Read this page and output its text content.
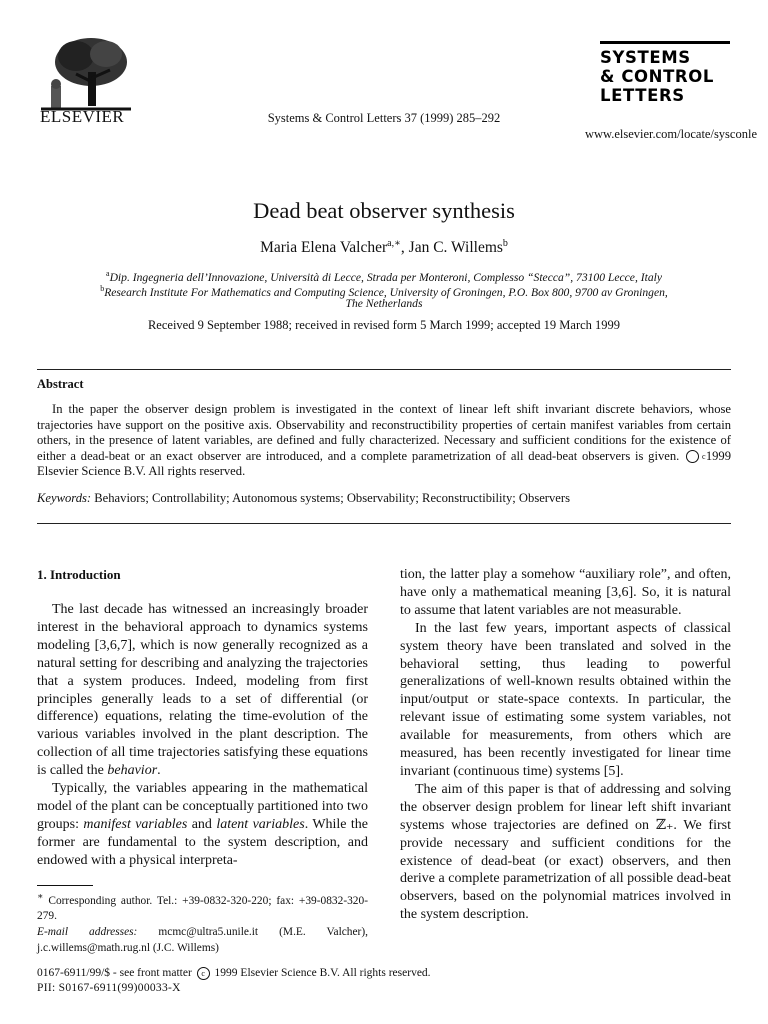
ELSEVIER	Systems & Control Letters 37 (1999) 285–292
SYSTEMS
& CONTROL
LETTERS
www.elsevier.com/locate/sysconle
Dead beat observer synthesis
Maria Elena Valcher$^{a,∗}$, Jan C. Willems$^b$
$^a$Dip. Ingegneria dell’Innovazione, Università di Lecce, Strada per Monteroni, Complesso “Stecca”, 73100 Lecce, Italy
$^b$Research Institute For Mathematics and Computing Science, University of Groningen, P.O. Box 800, 9700 av Groningen,
The Netherlands
Received 9 September 1988; received in revised form 5 March 1999; accepted 19 March 1999
Abstract
In the paper the observer design problem is investigated in the context of linear left shift invariant discrete behaviors, whose trajectories have support on the positive axis. Observability and reconstructibility properties of certain manifest variables from certain others, in the presence of latent variables, are defined and fully characterized. Necessary and sufficient conditions for the existence of either a dead-beat or an exact observer are introduced, and a complete parametrization of all dead-beat observers is given.	c 1999 Elsevier Science B.V. All rights reserved.
Keywords: Behaviors; Controllability; Autonomous systems; Observability; Reconstructibility; Observers
1. Introduction

The last decade has witnessed an increasingly broader interest in the behavioral approach to dynamics systems modeling [3,6,7], which is now generally recognized as a natural setting for describing and analyzing the trajectories that a system produces. Indeed, modeling from first principles generally leads to a set of differential (or difference) equations, relating the time-evolution of the various variables involved in the plant description. The collection of all time trajectories satisfying these equations is called the behavior.

Typically, the variables appearing in the mathematical model of the plant can be conceptually partitioned into two groups: manifest variables and latent variables. While the former are fundamental to the system description, and endowed with a physical interpreta-

∗ Corresponding author. Tel.: +39-0832-320-220; fax: +39-0832-320-279.

E-mail addresses: mcmc@ultra5.unile.it (M.E. Valcher), j.c.willems@math.rug.nl (J.C. Willems)

tion, the latter play a somehow “auxiliary role”, and often, have only a mathematical meaning [3,6]. So, it is natural to assume that latent variables are not measurable.

In the last few years, important aspects of classical system theory have been translated and solved in the behavioral setting, thus leading to powerful generalizations of well-known results obtained within the input/output or state-space contexts. In particular, the relevant issue of estimating some system variables, not available for measurements, from others which are measured, has been recently investigated for linear time invariant (continuous time) systems [5].

The aim of this paper is that of addressing and solving the observer design problem for linear left shift invariant systems whose trajectories are defined on ℤ₊. We first provide necessary and sufficient conditions for the existence of dead-beat (or exact) observers, and then derive a complete parametrization of all possible dead-beat observers, based on the polynomial matrices involved in the system description.

0167-6911/99/$ - see front matter c 1999 Elsevier Science B.V. All rights reserved.
PII: S0167-6911(99)00033-X
